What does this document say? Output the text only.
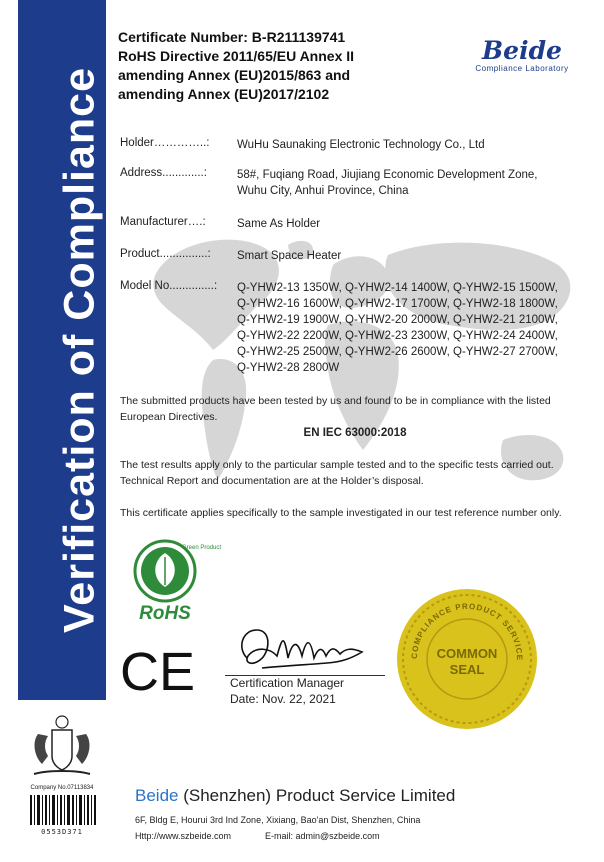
Verification of Compliance
Certificate Number: B-R211139741
RoHS Directive 2011/65/EU Annex II
amending Annex (EU)2015/863 and
amending Annex (EU)2017/2102
Beide
Compliance Laboratory
Holder…………..:	WuHu Saunaking Electronic Technology Co., Ltd
Address.............:	58#, Fuqiang Road, Jiujiang Economic Development Zone,
Wuhu City, Anhui Province, China
Manufacturer….:	Same As Holder
Product...............:	Smart Space Heater
Model No..............:	Q-YHW2-13 1350W, Q-YHW2-14 1400W, Q-YHW2-15 1500W,
Q-YHW2-16 1600W, Q-YHW2-17 1700W, Q-YHW2-18 1800W,
Q-YHW2-19 1900W, Q-YHW2-20 2000W, Q-YHW2-21 2100W,
Q-YHW2-22 2200W, Q-YHW2-23 2300W, Q-YHW2-24 2400W,
Q-YHW2-25 2500W, Q-YHW2-26 2600W, Q-YHW2-27 2700W,
Q-YHW2-28 2800W
The submitted products have been tested by us and found to be in compliance with the listed European Directives.
EN IEC 63000:2018
The test results apply only to the particular sample tested and to the specific tests carried out. Technical Report and documentation are at the Holder’s disposal.
This certificate applies specifically to the sample investigated in our test reference number only.
Green Product
RoHS
CE	Certification Manager
Date: Nov. 22, 2021
COMPLIANCE PRODUCT SERVICE
COMMON
SEAL
Company No.07113834
0553D371
Beide (Shenzhen) Product Service Limited
6F, Bldg E, Hourui 3rd Ind Zone, Xixiang, Bao'an Dist, Shenzhen, China
Http://www.szbeide.com	E-mail: admin@szbeide.com
